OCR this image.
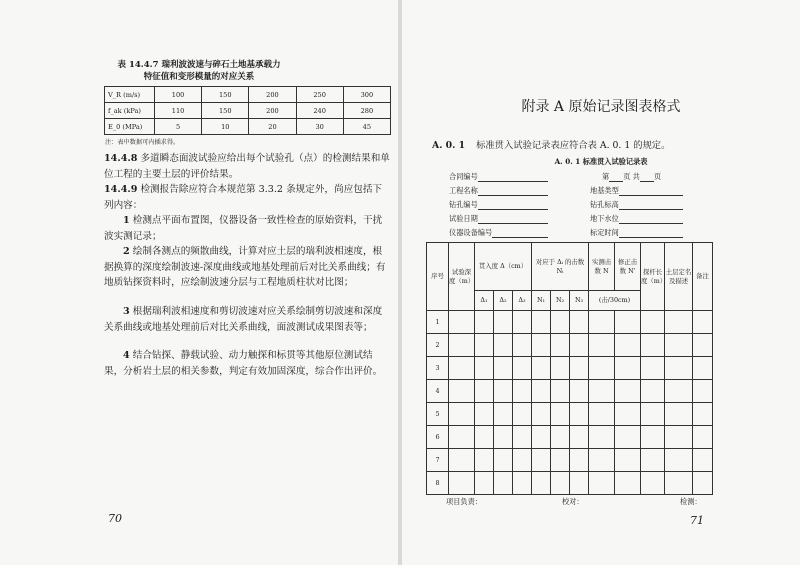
表 14.4.7 瑞利波波速与碎石土地基承载力
特征值和变形模量的对应关系
V_R (m/s)	100	150	200	250	300
f_ak (kPa)	110	150	200	240	280
E_0 (MPa)	5	10	20	30	45
注：表中数据可内插求得。
14.4.8 多道瞬态面波试验应给出每个试验孔（点）的检测结果和单位工程的主要土层的评价结果。
14.4.9 检测报告除应符合本规范第 3.3.2 条规定外，尚应包括下列内容：
1 检测点平面布置图，仪器设备一致性检查的原始资料，干扰波实测记录；
2 绘制各测点的频散曲线，计算对应土层的瑞利波相速度，根据换算的深度绘制波速-深度曲线或地基处理前后对比关系曲线；有地质钻探资料时，应绘制波速分层与工程地质柱状对比图；
3 根据瑞利波相速度和剪切波速对应关系绘制剪切波速和深度关系曲线或地基处理前后对比关系曲线，面波测试成果图表等；
4 结合钻探、静载试验、动力触探和标贯等其他原位测试结果，分析岩土层的相关参数，判定有效加固深度，综合作出评价。
70
附录 A 原始记录图表格式
A. 0. 1 标准贯入试验记录表应符合表 A. 0. 1 的规定。
A. 0. 1 标准贯入试验记录表
合同编号
工程名称
钻孔编号
试验日期
仪器设备编号
第 页 共 页
地基类型
钻孔标高
地下水位
标定时间
序号	试验深度（m）	贯入度 Δ（cm）			对应于 Δᵢ 的击数 Nᵢ			实测击数 N	修正击数 N'	探杆长度（m）	土层定名及描述	备注
		Δ₁	Δ₂	Δ₃	N₁	N₂	N₃	(击/30cm)				
1												
2												
3												
4												
5												
6												
7												
8												
项目负责：	校对：	检测：
71
